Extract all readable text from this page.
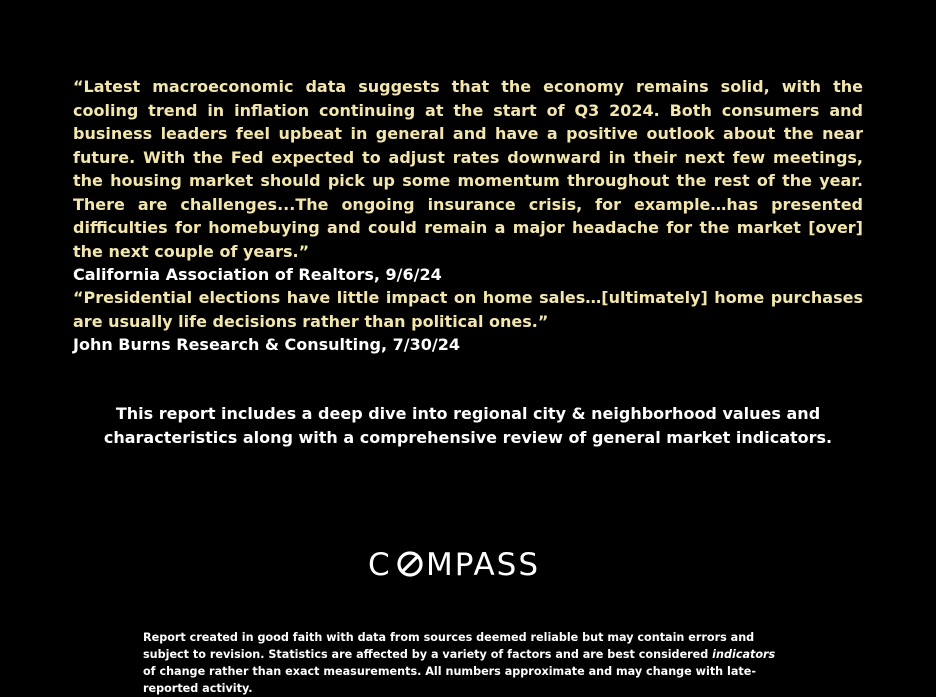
“Latest macroeconomic data suggests that the economy remains solid, with the cooling trend in inflation continuing at the start of Q3 2024. Both consumers and business leaders feel upbeat in general and have a positive outlook about the near future. With the Fed expected to adjust rates downward in their next few meetings, the housing market should pick up some momentum throughout the rest of the year. There are challenges...The ongoing insurance crisis, for example…has presented difficulties for homebuying and could remain a major headache for the market [over] the next couple of years.”

California Association of Realtors, 9/6/24

“Presidential elections have little impact on home sales…[ultimately] home purchases are usually life decisions rather than political ones.”

John Burns Research & Consulting, 7/30/24

This report includes a deep dive into regional city & neighborhood values and
characteristics along with a comprehensive review of general market indicators.

C MPASS

Report created in good faith with data from sources deemed reliable but may contain errors and subject to revision. Statistics are affected by a variety of factors and are best considered indicators of change rather than exact measurements. All numbers approximate and may change with late-reported activity.
